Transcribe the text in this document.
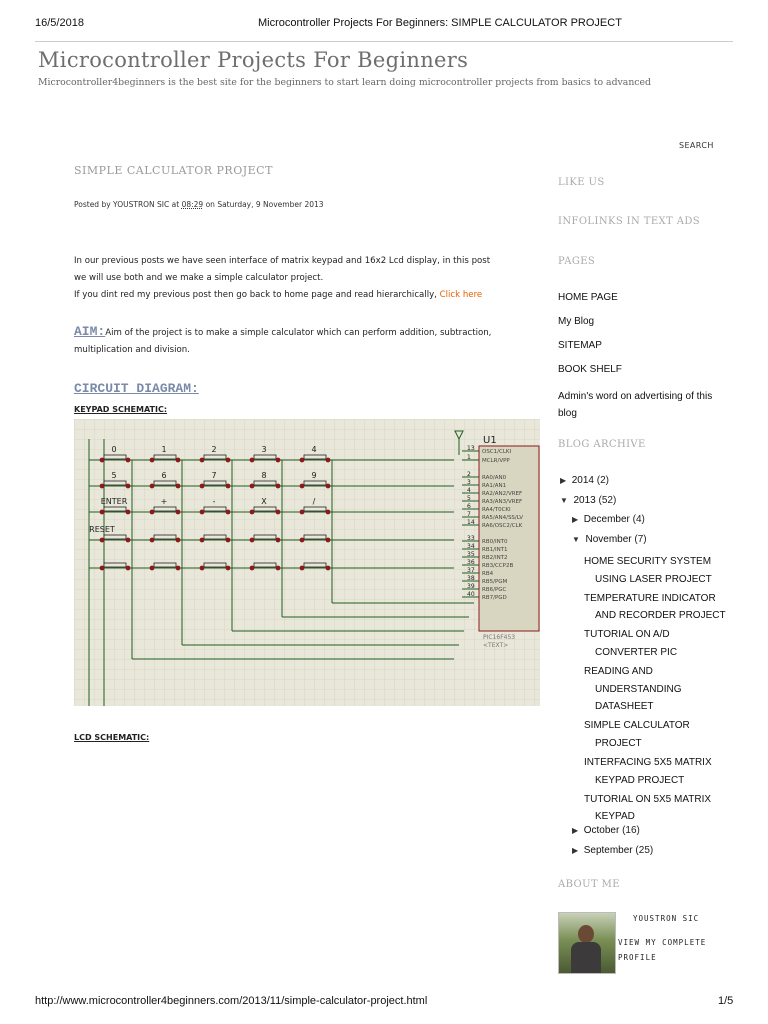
16/5/2018	Microcontroller Projects For Beginners: SIMPLE CALCULATOR PROJECT
Microcontroller Projects For Beginners
Microcontroller4beginners is the best site for the beginners to start learn doing microcontroller projects from basics to advanced
SEARCH
SIMPLE CALCULATOR PROJECT
Posted by YOUSTRON SIC at 08:29 on Saturday, 9 November 2013
In our previous posts we have seen interface of matrix keypad and 16x2 Lcd display, in this post
we will use both and we make a simple calculator project.
If you dint red my previous post then go back to home page and read hierarchically, Click here
AIM:Aim of the project is to make a simple calculator which can perform addition, subtraction,
multiplication and division.
CIRCUIT DIAGRAM:
KEYPAD SCHEMATIC:
0	1	2	3	4
5	6	7	8	9
ENTER	+	-	X	/
RESET
U1
PIC16F453
<TEXT>
13 OSC1/CLKI
1 MCLR/VPP
2 RA0/AN0
3 RA1/AN1
4 RA2/AN2/VREF
5 RA3/AN3/VREF
6 RA4/T0CKI
7 RA5/AN4/SS/LV
14 RA6/OSC2/CLK
33 RB0/INT0
34 RB1/INT1
35 RB2/INT2
36 RB3/CCP2B
37 RB4
38 RB5/PGM
39 RB6/PGC
40 RB7/PGD
LCD SCHEMATIC:
LIKE US
INFOLINKS IN TEXT ADS
PAGES
HOME PAGE
My Blog
SITEMAP
BOOK SHELF
Admin's word on advertising of this
blog
BLOG ARCHIVE
▶ 2014 (2)
▼ 2013 (52)
▶ December (4)
▼ November (7)
HOME SECURITY SYSTEM
USING LASER PROJECT
TEMPERATURE INDICATOR
AND RECORDER PROJECT
TUTORIAL ON A/D
CONVERTER PIC
READING AND
UNDERSTANDING
DATASHEET
SIMPLE CALCULATOR
PROJECT
INTERFACING 5X5 MATRIX
KEYPAD PROJECT
TUTORIAL ON 5X5 MATRIX
KEYPAD
▶ October (16)
▶ September (25)
ABOUT ME
YOUSTRON SIC
VIEW MY COMPLETE
PROFILE
http://www.microcontroller4beginners.com/2013/11/simple-calculator-project.html	1/5
